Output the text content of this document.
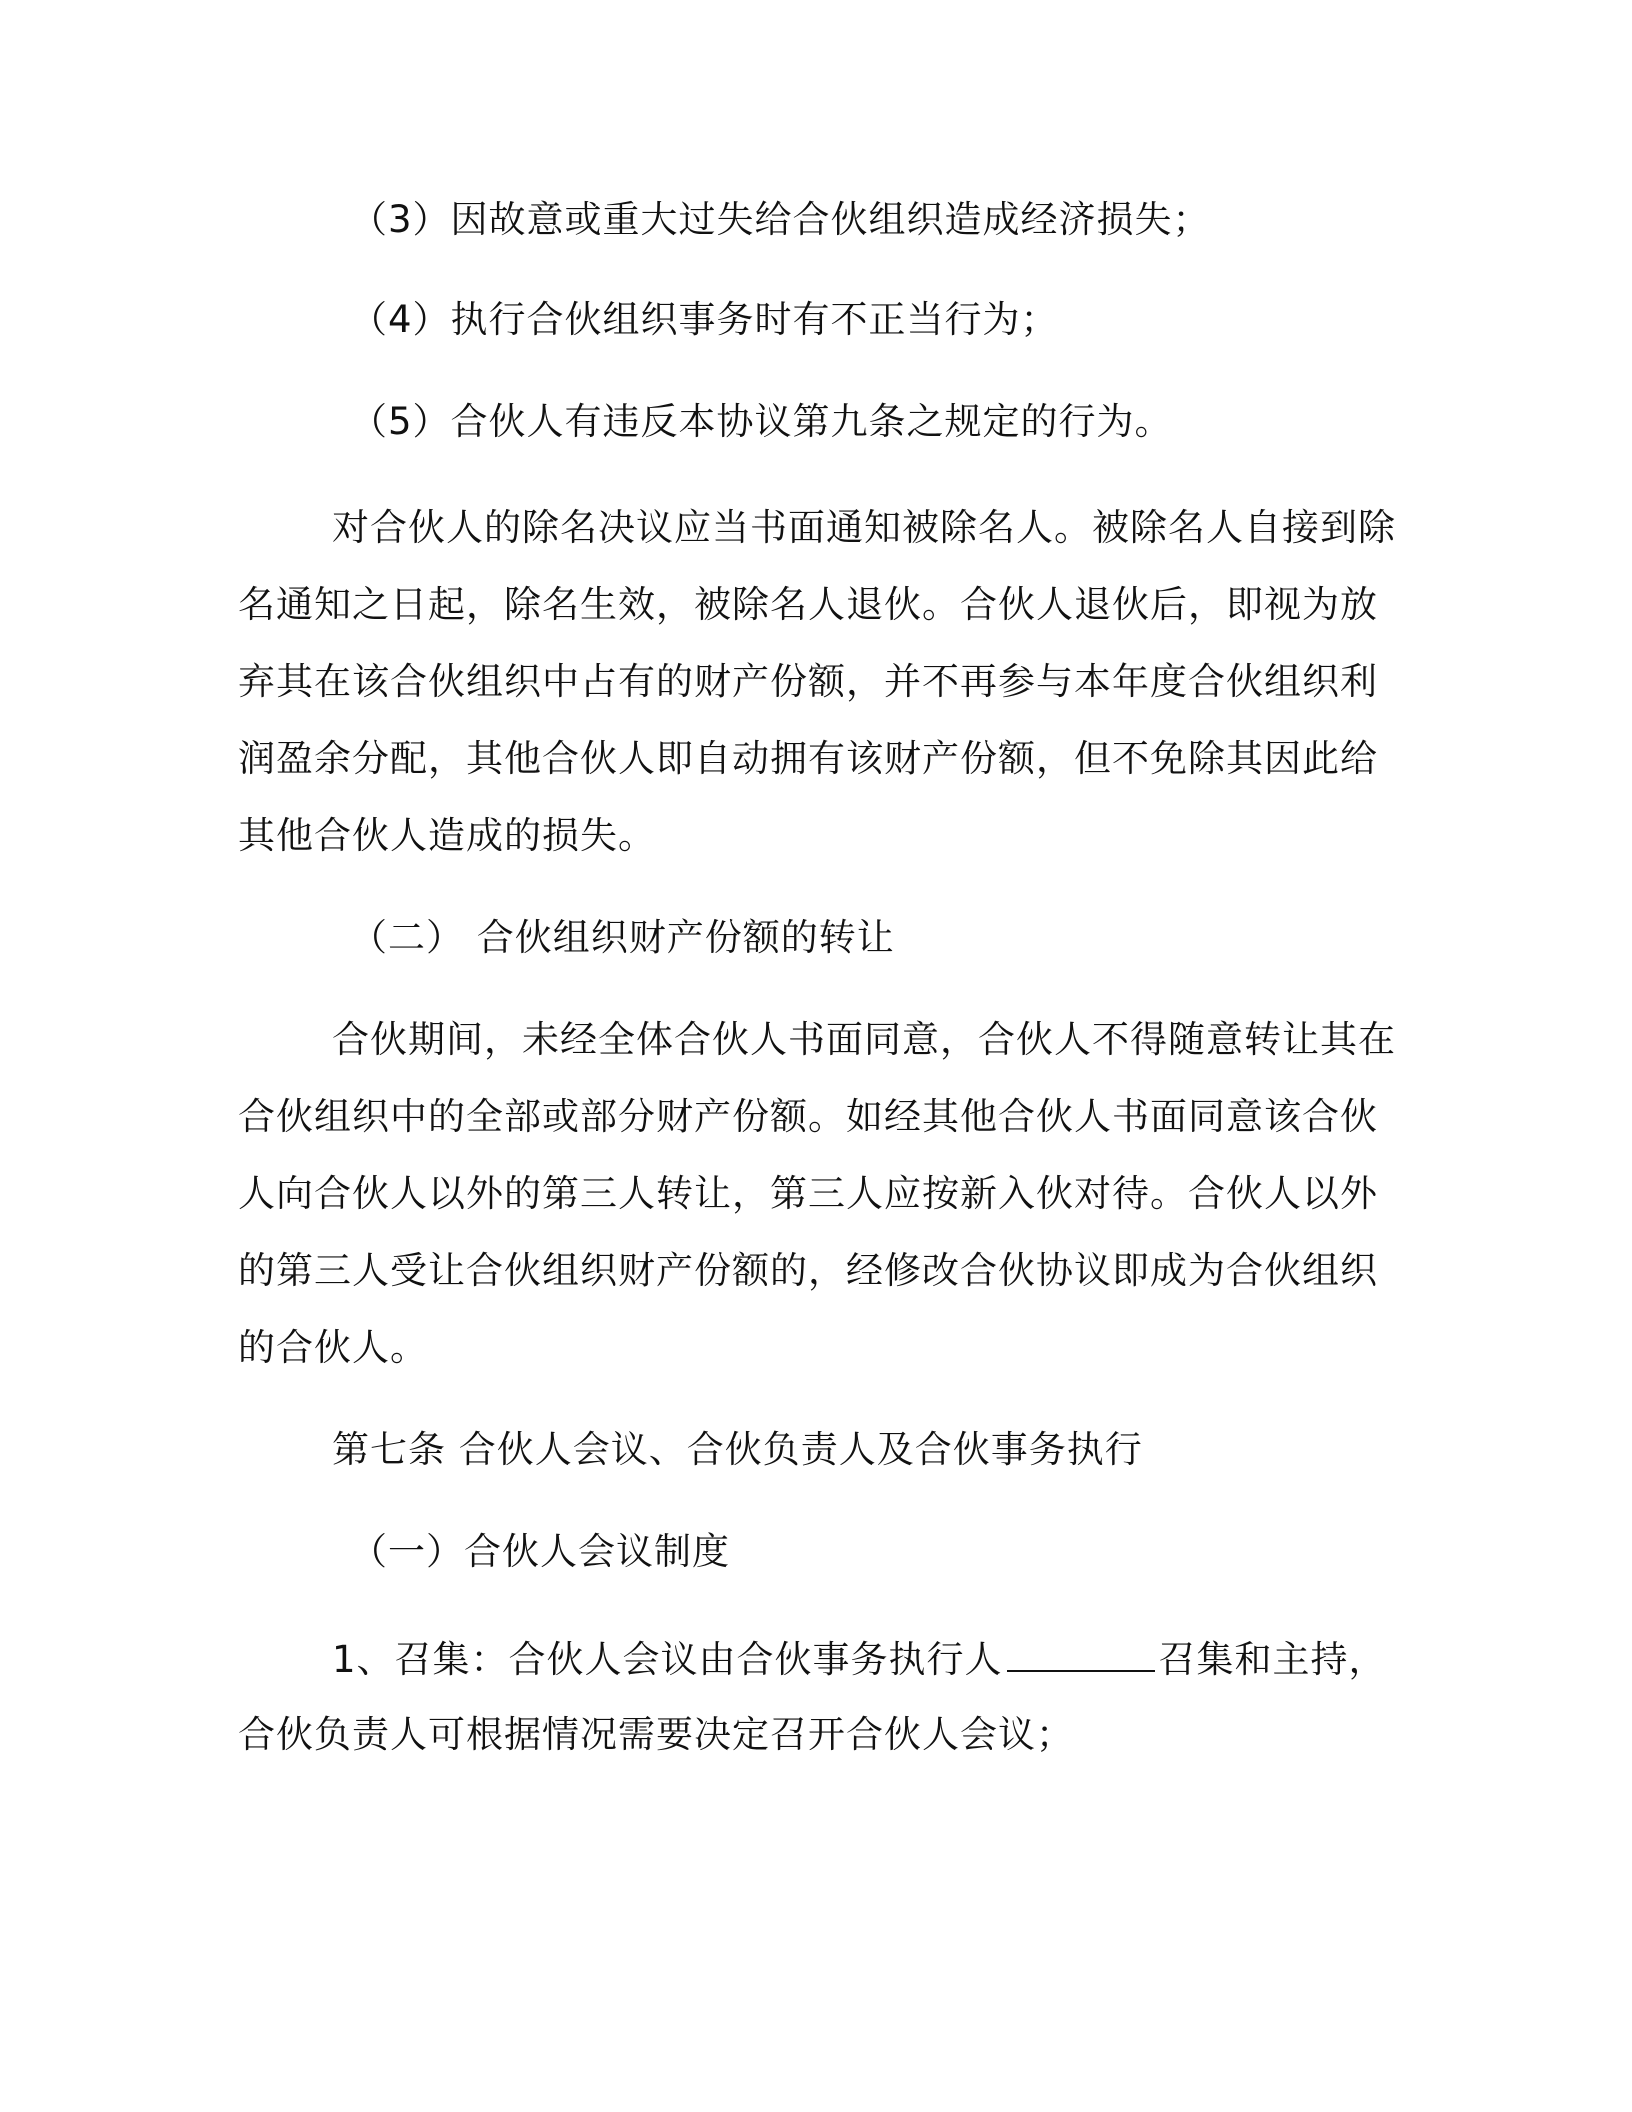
（3）因故意或重大过失给合伙组织造成经济损失；
（4）执行合伙组织事务时有不正当行为；
（5）合伙人有违反本协议第九条之规定的行为。
对合伙人的除名决议应当书面通知被除名人。被除名人自接到除
名通知之日起，除名生效，被除名人退伙。合伙人退伙后，即视为放
弃其在该合伙组织中占有的财产份额，并不再参与本年度合伙组织利
润盈余分配，其他合伙人即自动拥有该财产份额，但不免除其因此给
其他合伙人造成的损失。
（二） 合伙组织财产份额的转让
合伙期间，未经全体合伙人书面同意，合伙人不得随意转让其在
合伙组织中的全部或部分财产份额。如经其他合伙人书面同意该合伙
人向合伙人以外的第三人转让，第三人应按新入伙对待。合伙人以外
的第三人受让合伙组织财产份额的，经修改合伙协议即成为合伙组织
的合伙人。
第七条 合伙人会议、合伙负责人及合伙事务执行
（一）合伙人会议制度
1、召集：合伙人会议由合伙事务执行人	召集和主持，
合伙负责人可根据情况需要决定召开合伙人会议；
